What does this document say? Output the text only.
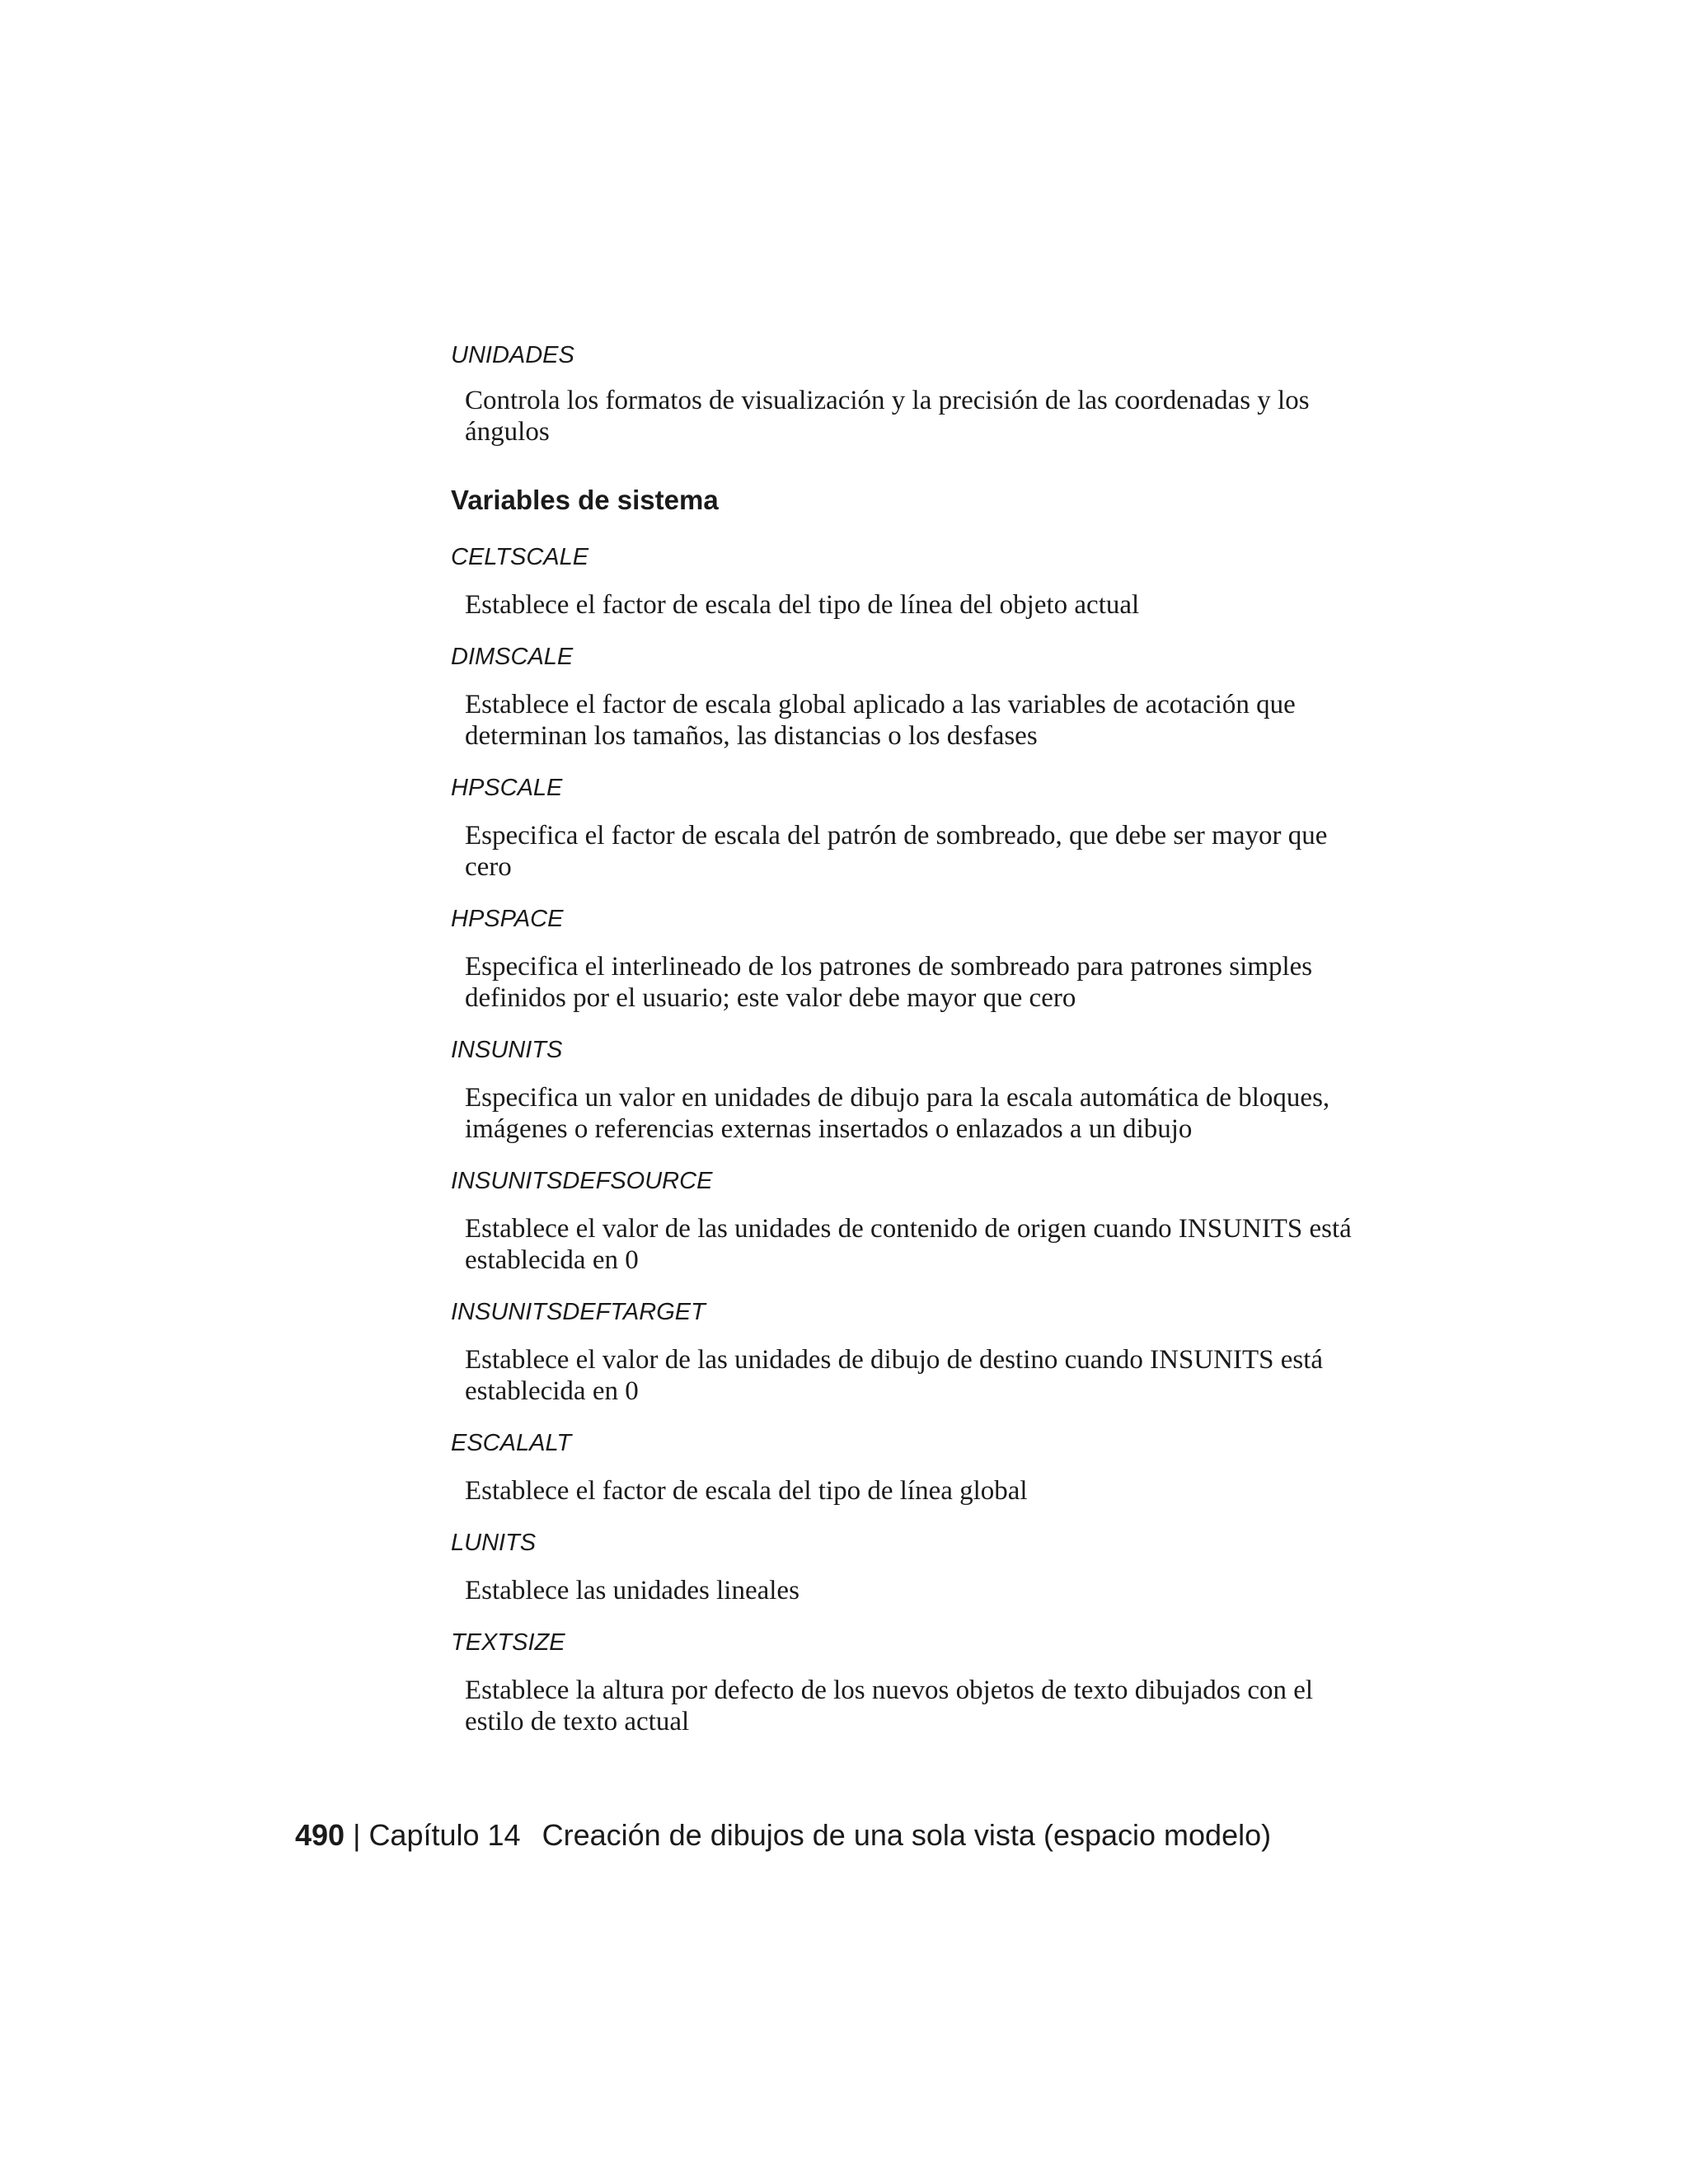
UNIDADES

Controla los formatos de visualización y la precisión de las coordenadas y los ángulos

Variables de sistema

CELTSCALE

Establece el factor de escala del tipo de línea del objeto actual

DIMSCALE

Establece el factor de escala global aplicado a las variables de acotación que determinan los tamaños, las distancias o los desfases

HPSCALE

Especifica el factor de escala del patrón de sombreado, que debe ser mayor que cero

HPSPACE

Especifica el interlineado de los patrones de sombreado para patrones simples definidos por el usuario; este valor debe mayor que cero

INSUNITS

Especifica un valor en unidades de dibujo para la escala automática de bloques, imágenes o referencias externas insertados o enlazados a un dibujo

INSUNITSDEFSOURCE

Establece el valor de las unidades de contenido de origen cuando INSUNITS está establecida en 0

INSUNITSDEFTARGET

Establece el valor de las unidades de dibujo de destino cuando INSUNITS está establecida en 0

ESCALALT

Establece el factor de escala del tipo de línea global

LUNITS

Establece las unidades lineales

TEXTSIZE

Establece la altura por defecto de los nuevos objetos de texto dibujados con el estilo de texto actual

490 | Capítulo 14 Creación de dibujos de una sola vista (espacio modelo)
